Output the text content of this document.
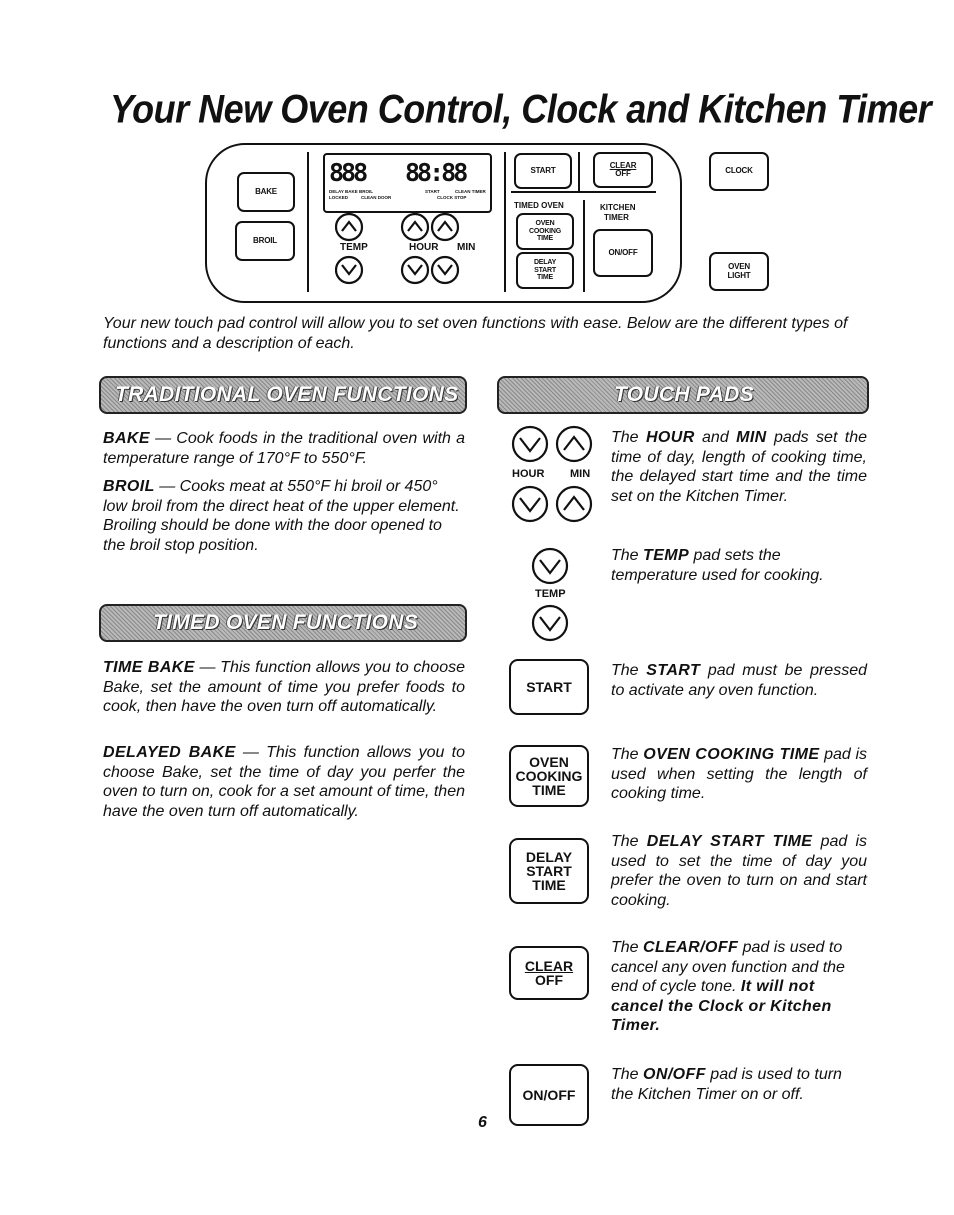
Your New Oven Control, Clock and Kitchen Timer
BAKE
BROIL
888 88:88
DELAY BAKE BROIL
LOCKED	CLEAN DOOR
START
CLOCK STOP
CLEAN TIMER
TEMP	HOUR MIN
START
CLEAR
OFF
TIMED OVEN
OVEN
COOKING
TIME
DELAY
START
TIME
KITCHEN
TIMER
ON/OFF
CLOCK
OVEN
LIGHT
Your new touch pad control will allow you to set oven functions with ease. Below are the different types of functions and a description of each.
TRADITIONAL OVEN FUNCTIONS
BAKE — Cook foods in the traditional oven with a temperature range of 170°F to 550°F.
BROIL — Cooks meat at 550°F hi broil or 450° low broil from the direct heat of the upper element. Broiling should be done with the door opened to the broil stop position.
TIMED OVEN FUNCTIONS
TIME BAKE — This function allows you to choose Bake, set the amount of time you prefer foods to cook, then have the oven turn off automatically.
DELAYED BAKE — This function allows you to choose Bake, set the time of day you perfer the oven to turn on, cook for a set amount of time, then have the oven turn off automatically.
TOUCH PADS
HOUR MIN
The HOUR and MIN pads set the time of day, length of cooking time, the delayed start time and the time set on the Kitchen Timer.
TEMP
The TEMP pad sets the temperature used for cooking.
START
The START pad must be pressed to activate any oven function.
OVEN
COOKING
TIME
The OVEN COOKING TIME pad is used when setting the length of cooking time.
DELAY
START
TIME
The DELAY START TIME pad is used to set the time of day you prefer the oven to turn on and start cooking.
CLEAR
OFF
The CLEAR/OFF pad is used to cancel any oven function and the end of cycle tone. It will not cancel the Clock or Kitchen Timer.
ON/OFF
The ON/OFF pad is used to turn the Kitchen Timer on or off.
6
